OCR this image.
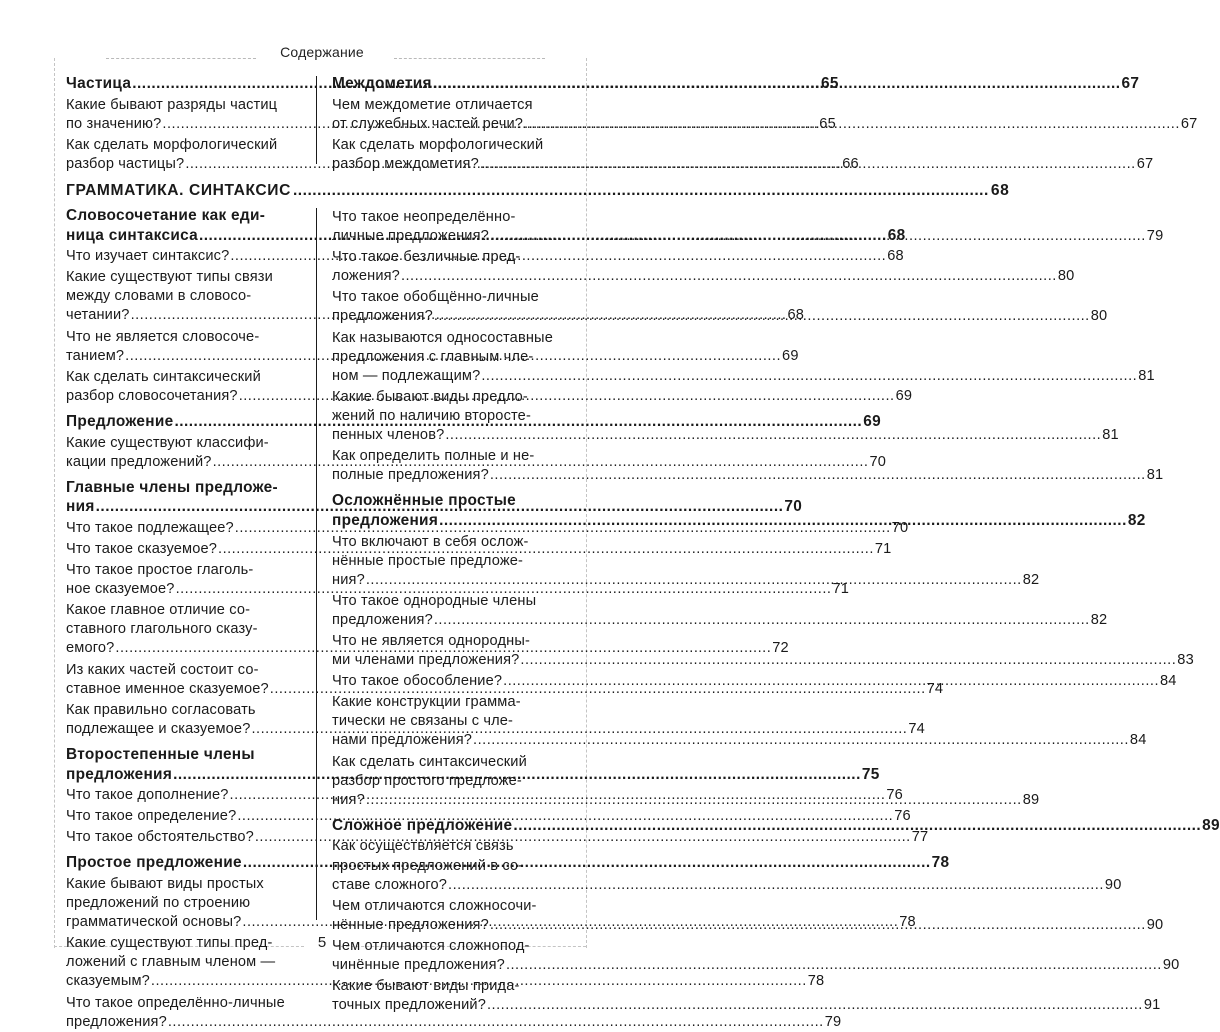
Содержание
Частица .....	65
Какие бывают разряды частиц
по значению? .....	65
Как сделать морфологический
разбор частицы? .....	66
Междометия .....	67
Чем междометие отличается
от служебных частей речи? .....	67
Как сделать морфологический
разбор междометия? .....	67
ГРАММАТИКА. СИНТАКСИС .....	68
Словосочетание как еди-
ница синтаксиса .....	68
Что изучает синтаксис? .....	68
Какие существуют типы связи
между словами в словосо-
четании? .....	68
Что не является словосоче-
танием? .....	69
Как сделать синтаксический
разбор словосочетания? .....	69
Предложение .....	69
Какие существуют классифи-
кации предложений? .....	70
Главные члены предложе-
ния .....	70
Что такое подлежащее? .....	70
Что такое сказуемое? .....	71
Что такое простое глаголь-
ное сказуемое? .....	71
Какое главное отличие со-
ставного глагольного сказу-
емого? .....	72
Из каких частей состоит со-
ставное именное сказуемое? .....	74
Как правильно согласовать
подлежащее и сказуемое? .....	74
Второстепенные члены
предложения .....	75
Что такое дополнение? .....	76
Что такое определение? .....	76
Что такое обстоятельство? .....	77
Простое предложение .....	78
Какие бывают виды простых
предложений по строению
грамматической основы? .....	78
Какие существуют типы пред-
ложений с главным членом —
сказуемым? .....	78
Что такое определённо-личные
предложения? .....	79
Что такое неопределённо-
личные предложения? .....	79
Что такое безличные пред-
ложения? .....	80
Что такое обобщённо-личные
предложения? .....	80
Как называются односоставные
предложения с главным чле-
ном — подлежащим? .....	81
Какие бывают виды предло-
жений по наличию второсте-
пенных членов? .....	81
Как определить полные и не-
полные предложения? .....	81
Осложнённые простые
предложения .....	82
Что включают в себя ослож-
нённые простые предложе-
ния? .....	82
Что такое однородные члены
предложения? .....	82
Что не является однородны-
ми членами предложения? .....	83
Что такое обособление? .....	84
Какие конструкции грамма-
тически не связаны с чле-
нами предложения? .....	84
Как сделать синтаксический
разбор простого предложе-
ния? .....	89
Сложное предложение .....	89
Как осуществляется связь
простых предложений в со-
ставе сложного? .....	90
Чем отличаются сложносочи-
нённые предложения? .....	90
Чем отличаются сложнопод-
чинённые предложения? .....	90
Какие бывают виды прида-
точных предложений? .....	91
5
